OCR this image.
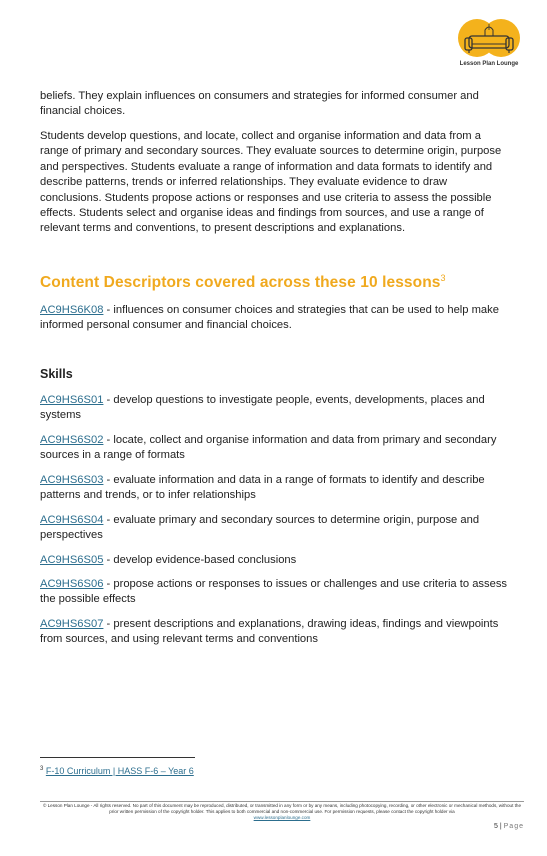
Lesson Plan Lounge

beliefs. They explain influences on consumers and strategies for informed consumer and financial choices.

Students develop questions, and locate, collect and organise information and data from a range of primary and secondary sources. They evaluate sources to determine origin, purpose and perspectives. Students evaluate a range of information and data formats to identify and describe patterns, trends or inferred relationships. They evaluate evidence to draw conclusions. Students propose actions or responses and use criteria to assess the possible effects. Students select and organise ideas and findings from sources, and use a range of relevant terms and conventions, to present descriptions and explanations.

Content Descriptors covered across these 10 lessons$^3$

AC9HS6K08 - influences on consumer choices and strategies that can be used to help make informed personal consumer and financial choices.

Skills

AC9HS6S01 - develop questions to investigate people, events, developments, places and systems

AC9HS6S02 - locate, collect and organise information and data from primary and secondary sources in a range of formats

AC9HS6S03 - evaluate information and data in a range of formats to identify and describe patterns and trends, or to infer relationships

AC9HS6S04 - evaluate primary and secondary sources to determine origin, purpose and perspectives

AC9HS6S05 - develop evidence-based conclusions

AC9HS6S06 - propose actions or responses to issues or challenges and use criteria to assess the possible effects

AC9HS6S07 - present descriptions and explanations, drawing ideas, findings and viewpoints from sources, and using relevant terms and conventions

$^3$ F-10 Curriculum | HASS F-6 – Year 6

© Lesson Plan Lounge - All rights reserved. No part of this document may be reproduced, distributed, or transmitted in any form or by any means, including photocopying, recording, or other electronic or mechanical methods, without the prior written permission of the copyright holder. This applies to both commercial and non-commercial use. For permission requests, please contact the copyright holder via
www.lessonplanlounge.com

5 | Page
